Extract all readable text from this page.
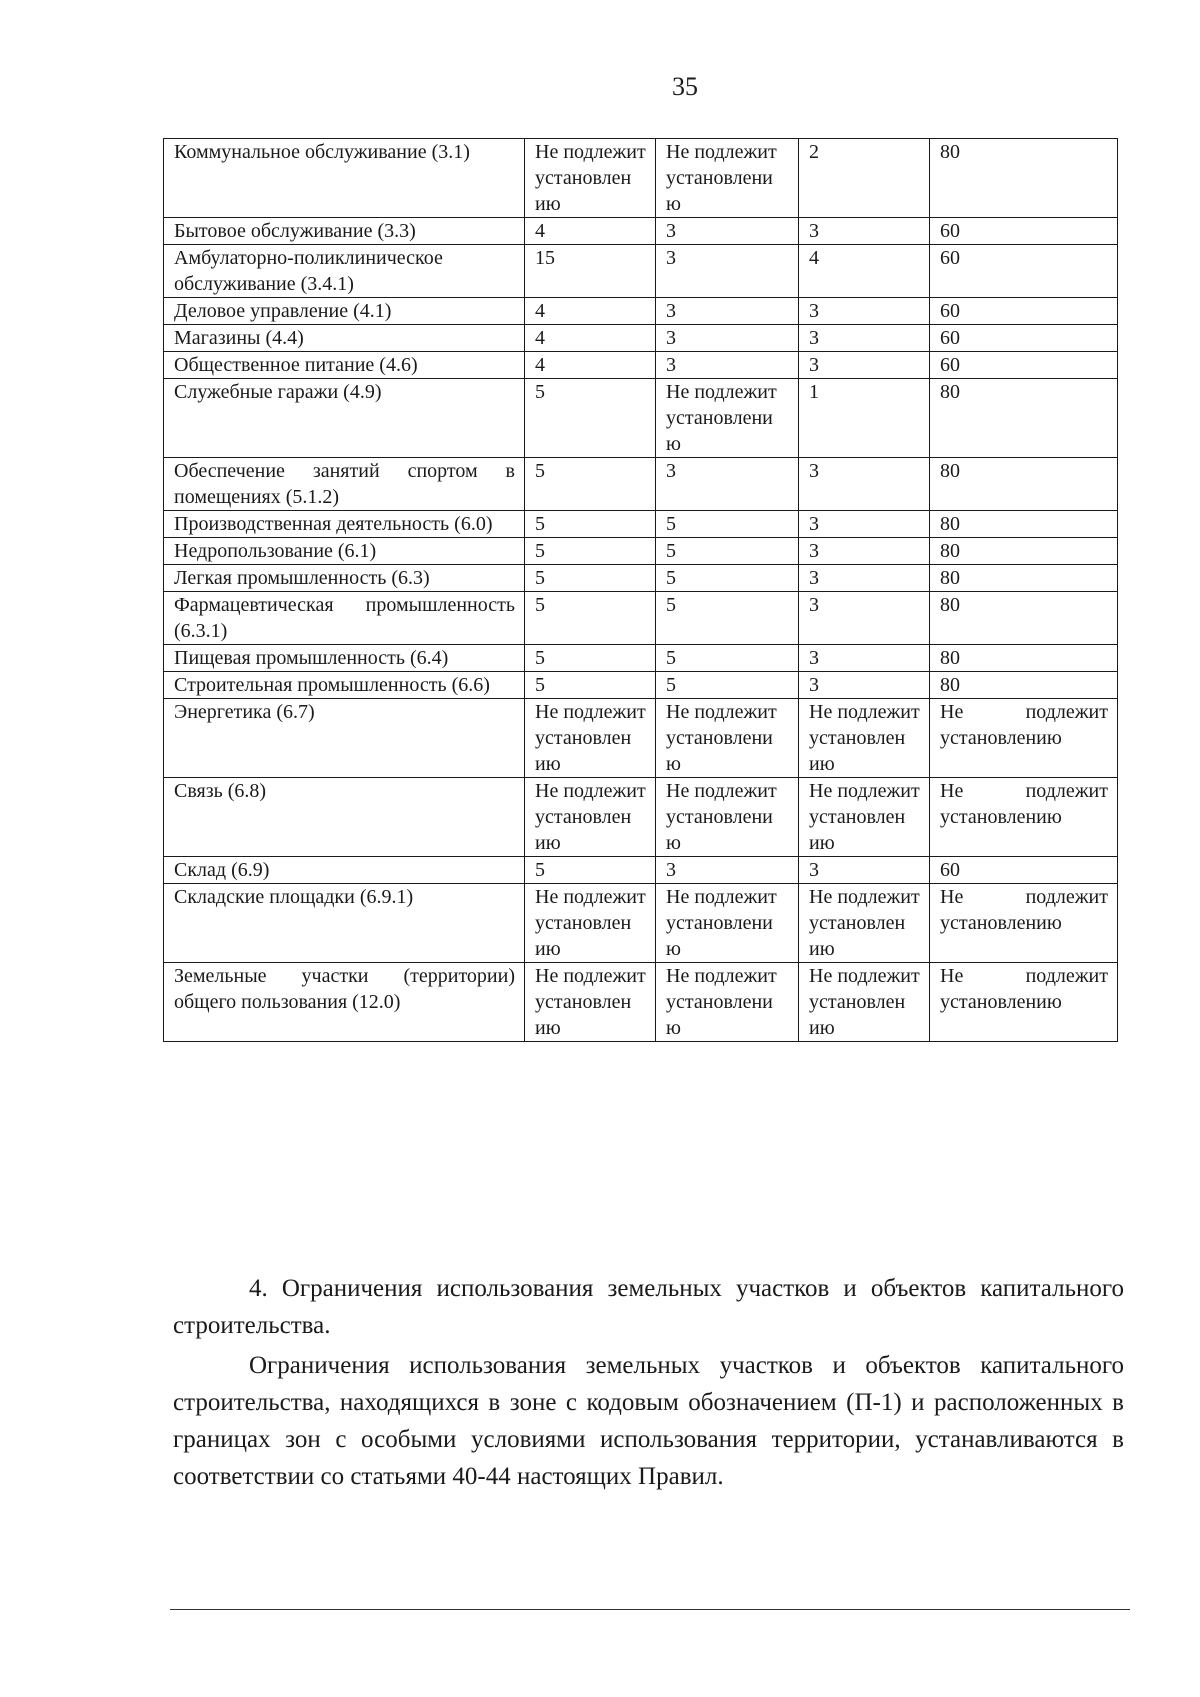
35
Коммунальное обслуживание (3.1)	Не подлежит установлен ию	Не подлежит установлени ю	2	80
Бытовое обслуживание (3.3)	4	3	3	60
Амбулаторно-поликлиническое обслуживание (3.4.1)	15	3	4	60
Деловое управление (4.1)	4	3	3	60
Магазины (4.4)	4	3	3	60
Общественное питание (4.6)	4	3	3	60
Служебные гаражи (4.9)	5	Не подлежит установлени ю	1	80
Обеспечение занятий спортом в помещениях (5.1.2)	5	3	3	80
Производственная деятельность (6.0)	5	5	3	80
Недропользование (6.1)	5	5	3	80
Легкая промышленность (6.3)	5	5	3	80
Фармацевтическая промышленность (6.3.1)	5	5	3	80
Пищевая промышленность (6.4)	5	5	3	80
Строительная промышленность (6.6)	5	5	3	80
Энергетика (6.7)	Не подлежит установлен ию	Не подлежит установлени ю	Не подлежит установлен ию	Не подлежит установлению
Связь (6.8)	Не подлежит установлен ию	Не подлежит установлени ю	Не подлежит установлен ию	Не подлежит установлению
Склад (6.9)	5	3	3	60
Складские площадки (6.9.1)	Не подлежит установлен ию	Не подлежит установлени ю	Не подлежит установлен ию	Не подлежит установлению
Земельные участки (территории) общего пользования (12.0)	Не подлежит установлен ию	Не подлежит установлени ю	Не подлежит установлен ию	Не подлежит установлению

4. Ограничения использования земельных участков и объектов капитального строительства.

Ограничения использования земельных участков и объектов капитального строительства, находящихся в зоне с кодовым обозначением (П-1) и расположенных в границах зон с особыми условиями использования территории, устанавливаются в соответствии со статьями 40-44 настоящих Правил.
